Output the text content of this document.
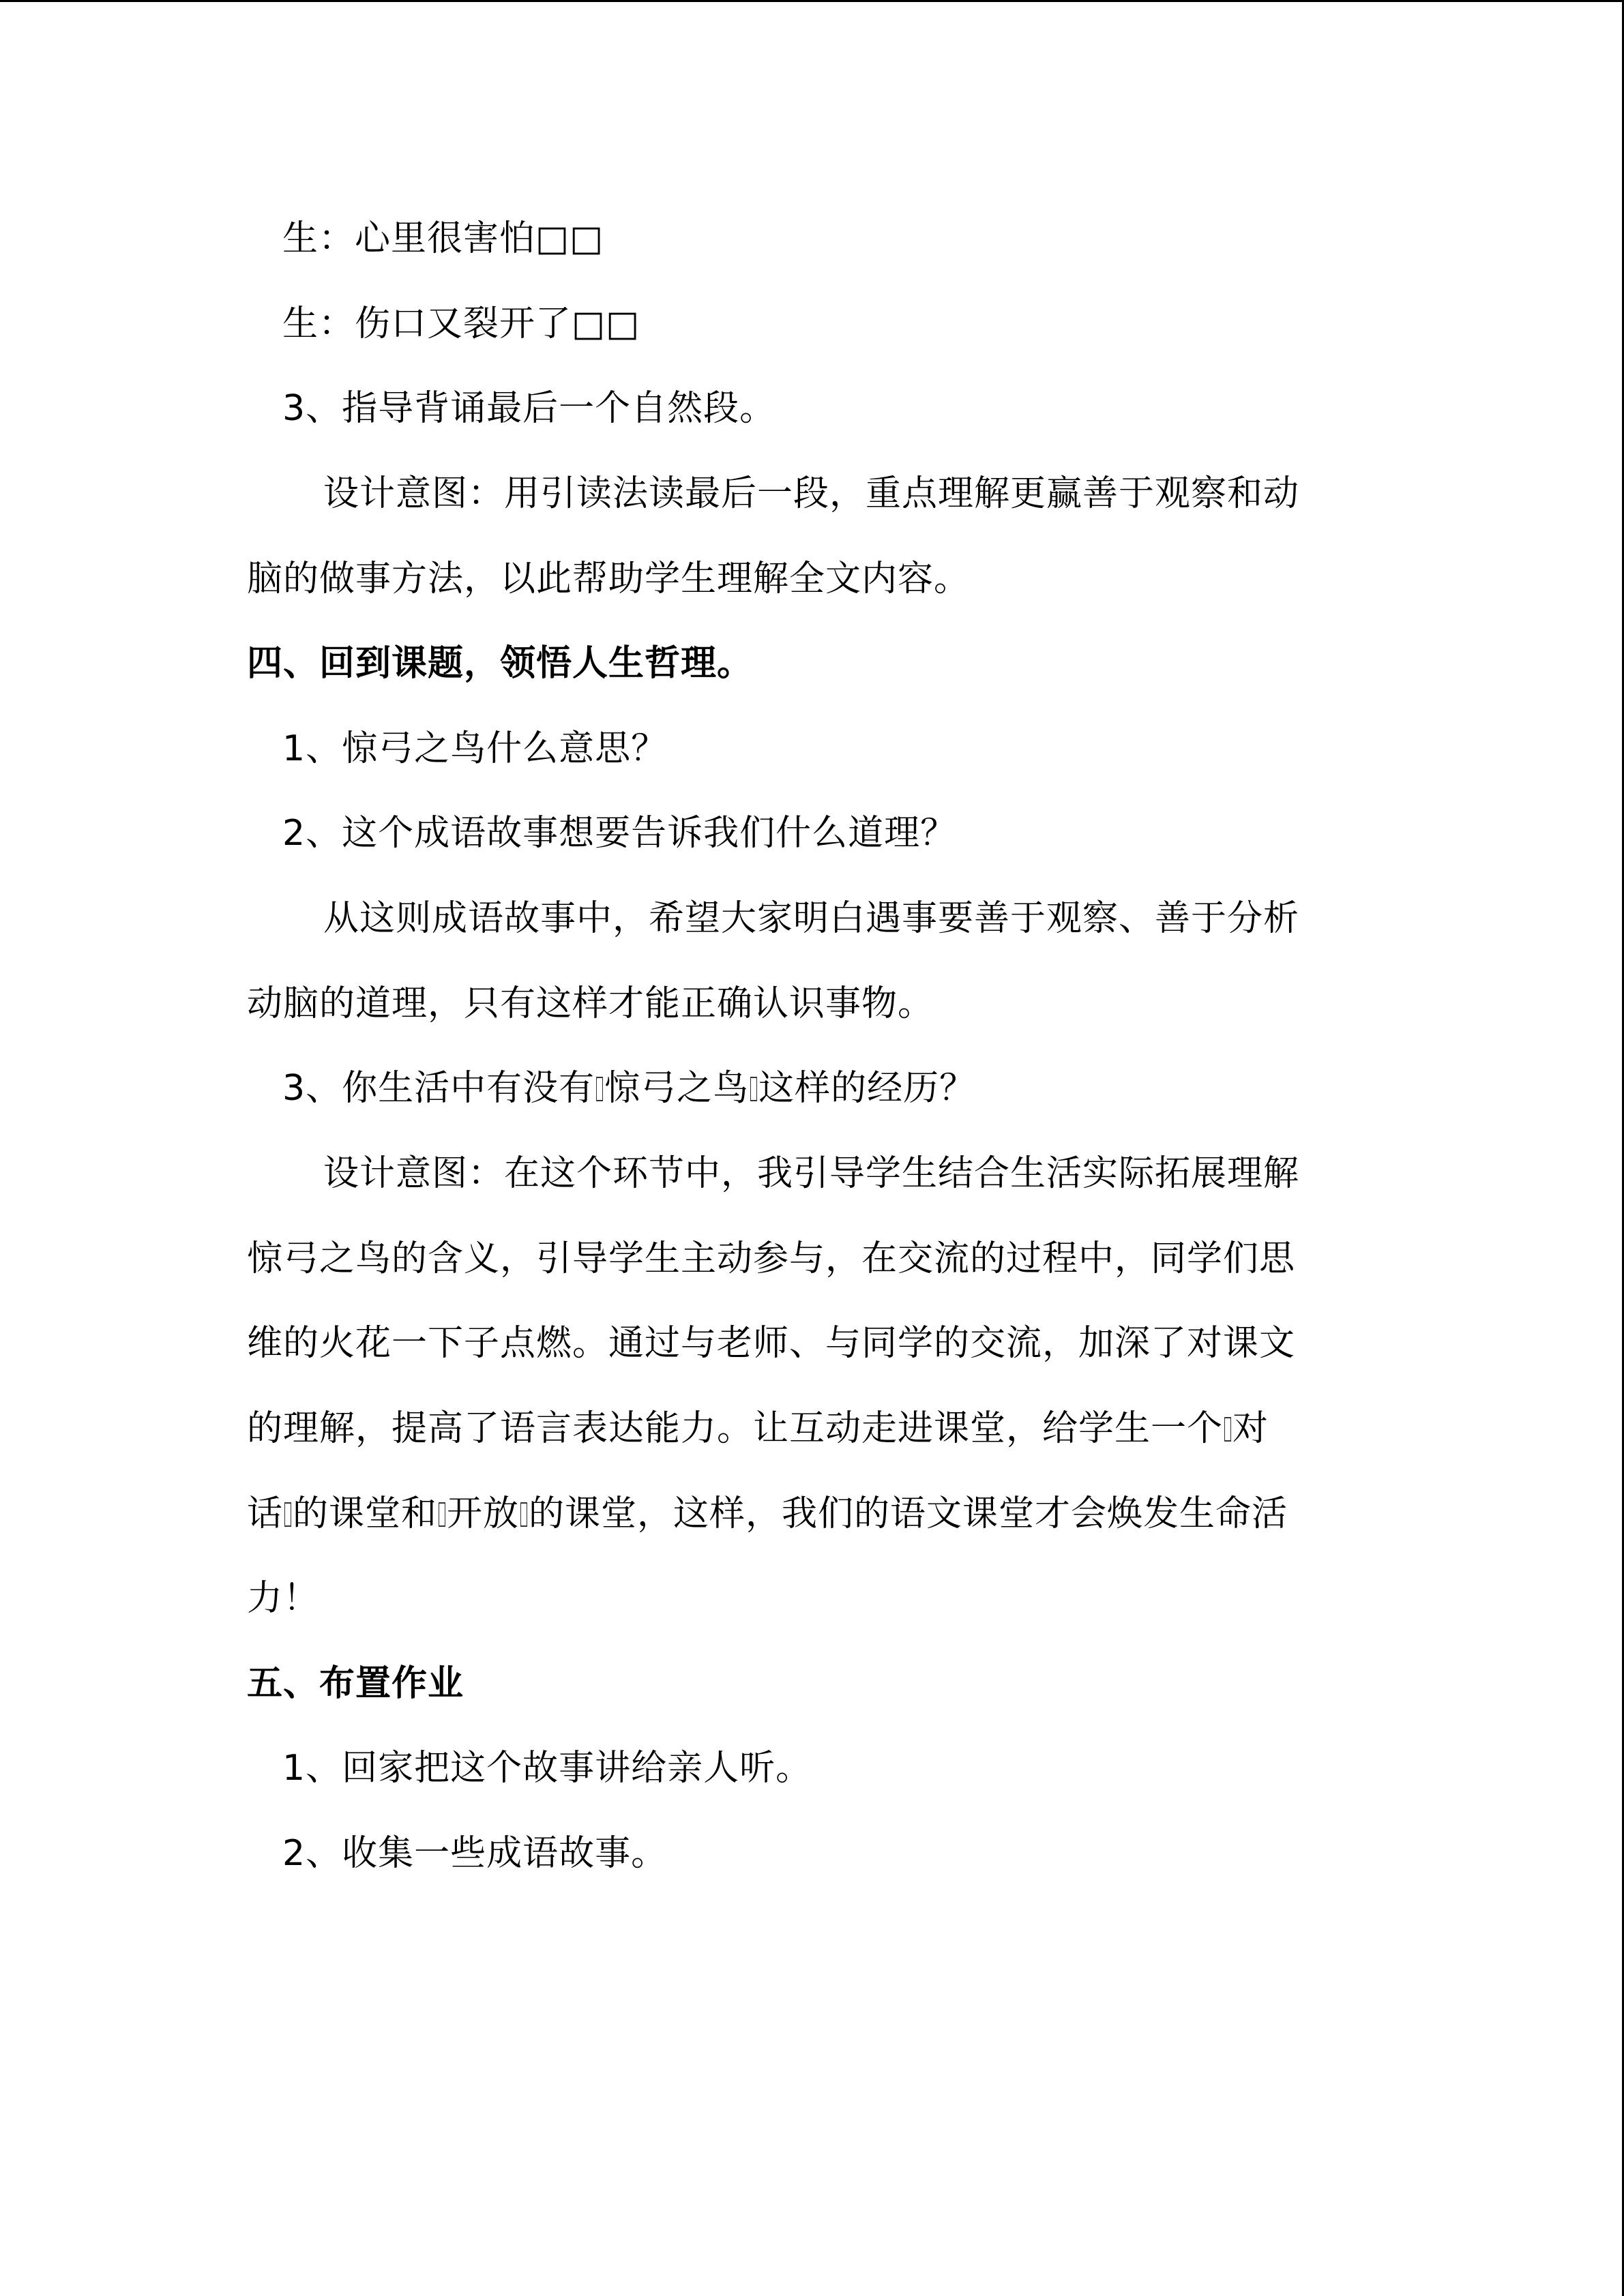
生：心里很害怕□□
生：伤口又裂开了□□
3、指导背诵最后一个自然段。
设计意图：用引读法读最后一段，重点理解更赢善于观察和动
脑的做事方法，以此帮助学生理解全文内容。
四、回到课题，领悟人生哲理。
1、惊弓之鸟什么意思？
2、这个成语故事想要告诉我们什么道理？
从这则成语故事中，希望大家明白遇事要善于观察、善于分析
动脑的道理，只有这样才能正确认识事物。
3、你生活中有没有 惊弓之鸟 这样的经历？
设计意图：在这个环节中，我引导学生结合生活实际拓展理解
惊弓之鸟的含义，引导学生主动参与，在交流的过程中，同学们思
维的火花一下子点燃。通过与老师、与同学的交流，加深了对课文
的理解，提高了语言表达能力。让互动走进课堂，给学生一个 对
话 的课堂和 开放 的课堂，这样，我们的语文课堂才会焕发生命活
力！
五、布置作业
1、回家把这个故事讲给亲人听。
2、收集一些成语故事。
